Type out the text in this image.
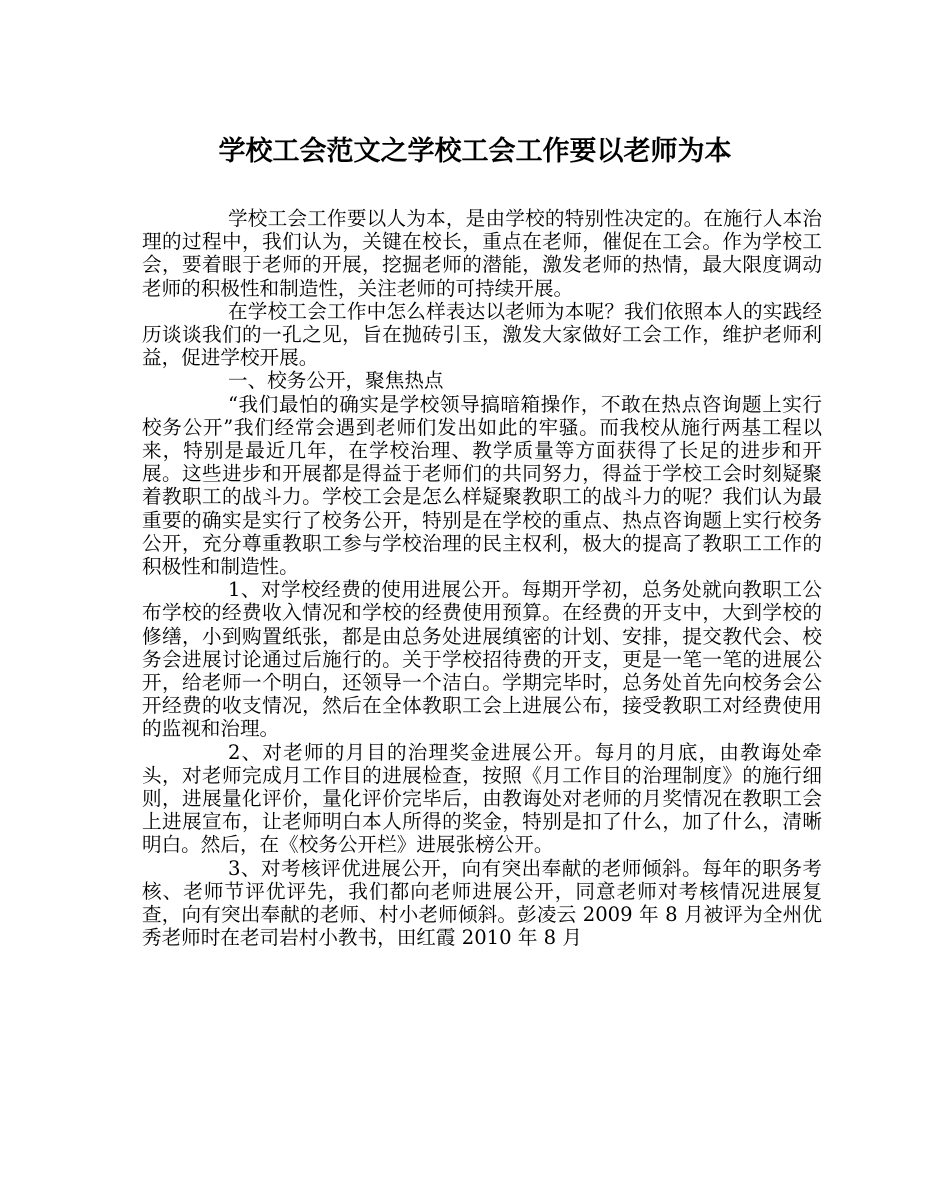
学校工会范文之学校工会工作要以老师为本

学校工会工作要以人为本，是由学校的特别性决定的。在施行人本治理的过程中，我们认为，关键在校长，重点在老师，催促在工会。作为学校工会，要着眼于老师的开展，挖掘老师的潜能，激发老师的热情，最大限度调动老师的积极性和制造性，关注老师的可持续开展。

在学校工会工作中怎么样表达以老师为本呢？我们依照本人的实践经历谈谈我们的一孔之见，旨在抛砖引玉，激发大家做好工会工作，维护老师利益，促进学校开展。

一、校务公开，聚焦热点

“我们最怕的确实是学校领导搞暗箱操作，不敢在热点咨询题上实行校务公开”我们经常会遇到老师们发出如此的牢骚。而我校从施行两基工程以来，特别是最近几年，在学校治理、教学质量等方面获得了长足的进步和开展。这些进步和开展都是得益于老师们的共同努力，得益于学校工会时刻疑聚着教职工的战斗力。学校工会是怎么样疑聚教职工的战斗力的呢？我们认为最重要的确实是实行了校务公开，特别是在学校的重点、热点咨询题上实行校务公开，充分尊重教职工参与学校治理的民主权利，极大的提高了教职工工作的积极性和制造性。

1、对学校经费的使用进展公开。每期开学初，总务处就向教职工公布学校的经费收入情况和学校的经费使用预算。在经费的开支中，大到学校的修缮，小到购置纸张，都是由总务处进展缜密的计划、安排，提交教代会、校务会进展讨论通过后施行的。关于学校招待费的开支，更是一笔一笔的进展公开，给老师一个明白，还领导一个洁白。学期完毕时，总务处首先向校务会公开经费的收支情况，然后在全体教职工会上进展公布，接受教职工对经费使用的监视和治理。

2、对老师的月目的治理奖金进展公开。每月的月底，由教诲处牵头，对老师完成月工作目的进展检查，按照《月工作目的治理制度》的施行细则，进展量化评价，量化评价完毕后，由教诲处对老师的月奖情况在教职工会上进展宣布，让老师明白本人所得的奖金，特别是扣了什么，加了什么，清晰明白。然后，在《校务公开栏》进展张榜公开。

3、对考核评优进展公开，向有突出奉献的老师倾斜。每年的职务考核、老师节评优评先，我们都向老师进展公开，同意老师对考核情况进展复查，向有突出奉献的老师、村小老师倾斜。彭凌云 2009 年 8 月被评为全州优秀老师时在老司岩村小教书，田红霞 2010 年 8 月
